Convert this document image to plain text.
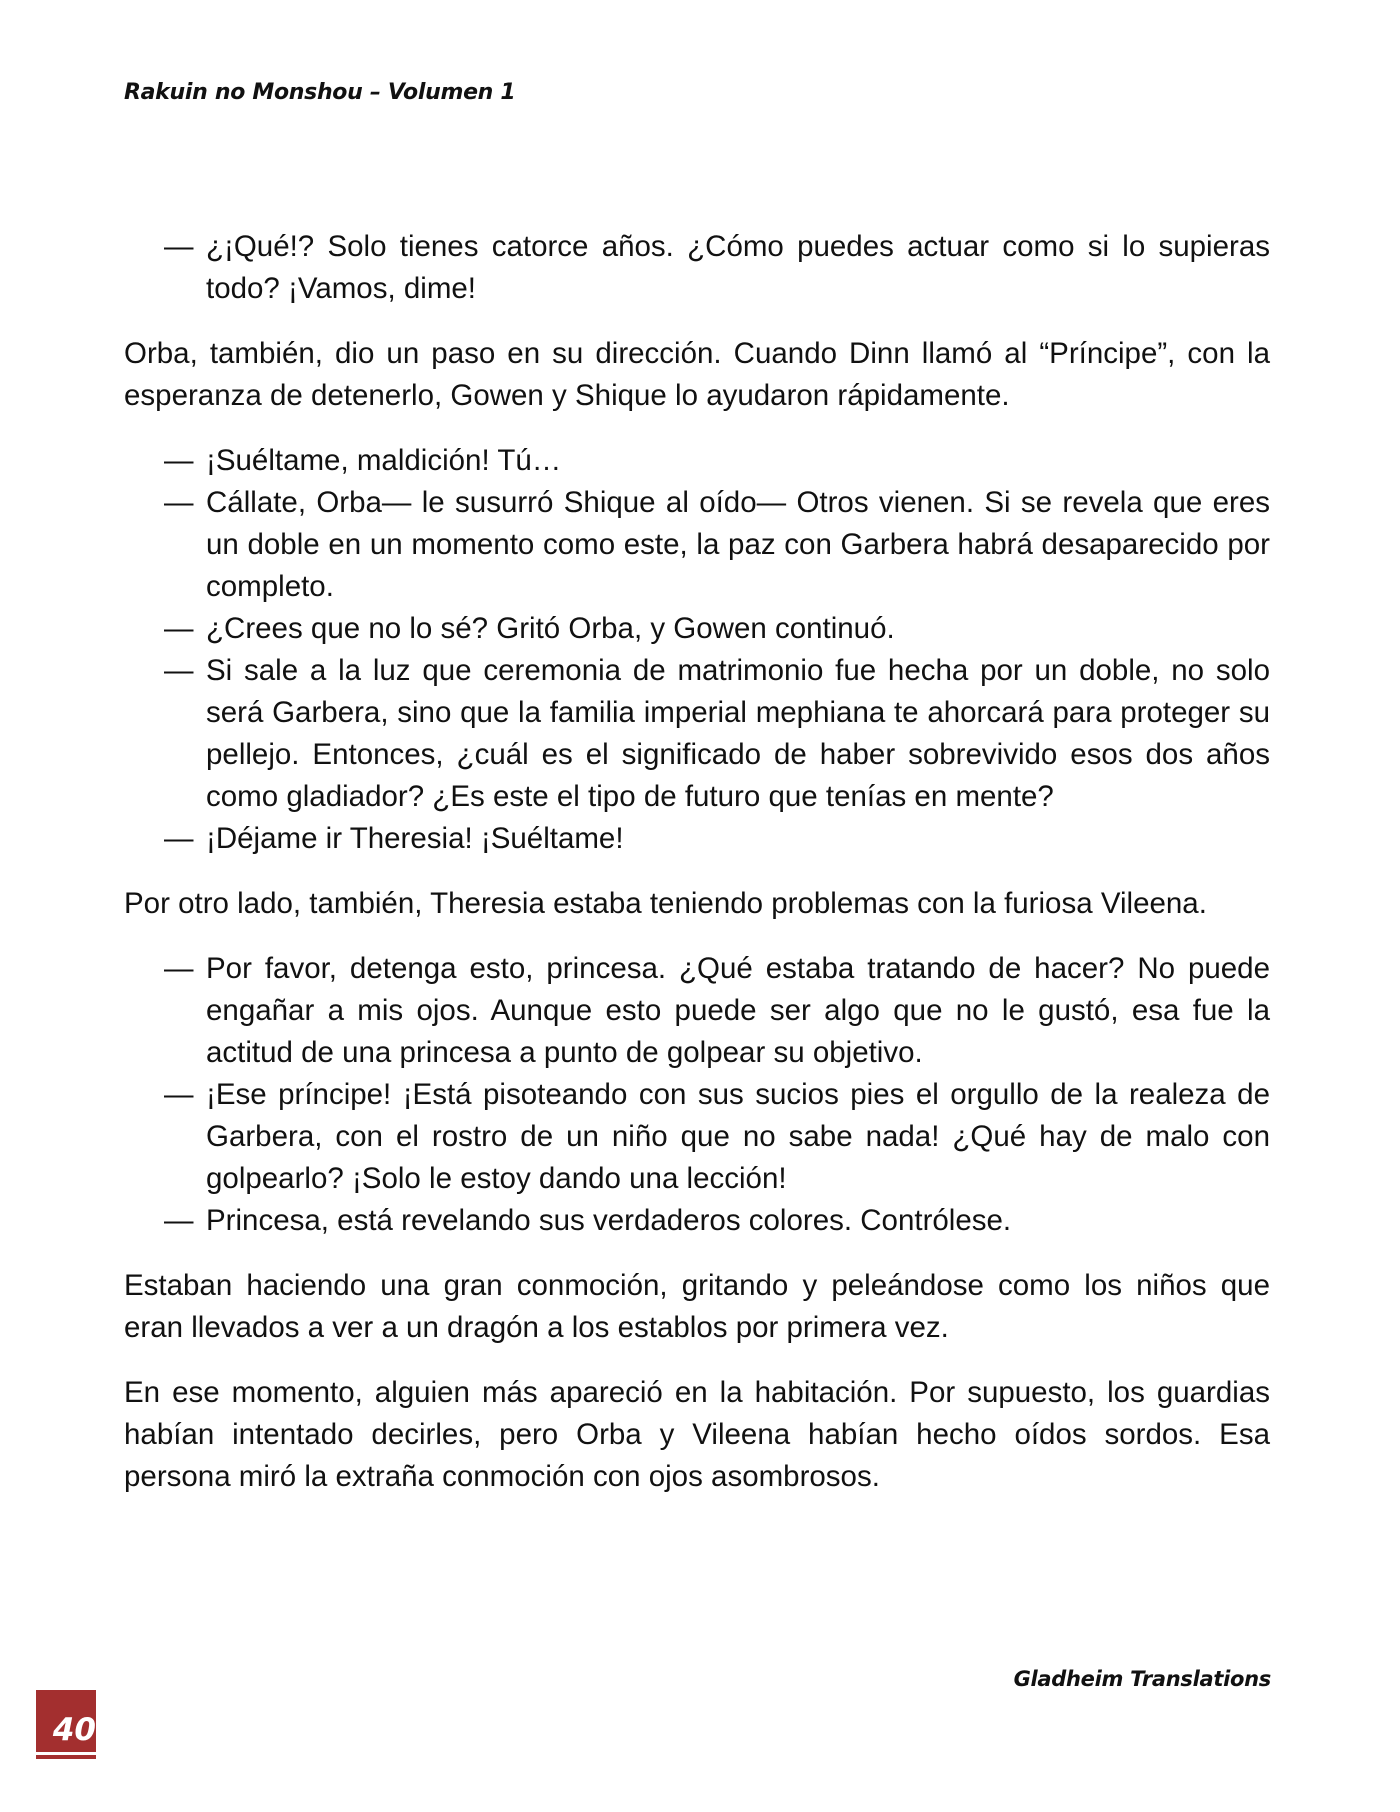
Rakuin no Monshou – Volumen 1

— ¿¡Qué!? Solo tienes catorce años. ¿Cómo puedes actuar como si lo supieras todo? ¡Vamos, dime!

Orba, también, dio un paso en su dirección. Cuando Dinn llamó al “Príncipe”, con la esperanza de detenerlo, Gowen y Shique lo ayudaron rápidamente.

— ¡Suéltame, maldición! Tú…

— Cállate, Orba— le susurró Shique al oído— Otros vienen. Si se revela que eres un doble en un momento como este, la paz con Garbera habrá desaparecido por completo.

— ¿Crees que no lo sé? Gritó Orba, y Gowen continuó.

— Si sale a la luz que ceremonia de matrimonio fue hecha por un doble, no solo será Garbera, sino que la familia imperial mephiana te ahorcará para proteger su pellejo. Entonces, ¿cuál es el significado de haber sobrevivido esos dos años como gladiador? ¿Es este el tipo de futuro que tenías en mente?

— ¡Déjame ir Theresia! ¡Suéltame!

Por otro lado, también, Theresia estaba teniendo problemas con la furiosa Vileena.

— Por favor, detenga esto, princesa. ¿Qué estaba tratando de hacer? No puede engañar a mis ojos. Aunque esto puede ser algo que no le gustó, esa fue la actitud de una princesa a punto de golpear su objetivo.

— ¡Ese príncipe! ¡Está pisoteando con sus sucios pies el orgullo de la realeza de Garbera, con el rostro de un niño que no sabe nada! ¿Qué hay de malo con golpearlo? ¡Solo le estoy dando una lección!

— Princesa, está revelando sus verdaderos colores. Contrólese.

Estaban haciendo una gran conmoción, gritando y peleándose como los niños que eran llevados a ver a un dragón a los establos por primera vez.

En ese momento, alguien más apareció en la habitación. Por supuesto, los guardias habían intentado decirles, pero Orba y Vileena habían hecho oídos sordos. Esa persona miró la extraña conmoción con ojos asombrosos.

Gladheim Translations
40
